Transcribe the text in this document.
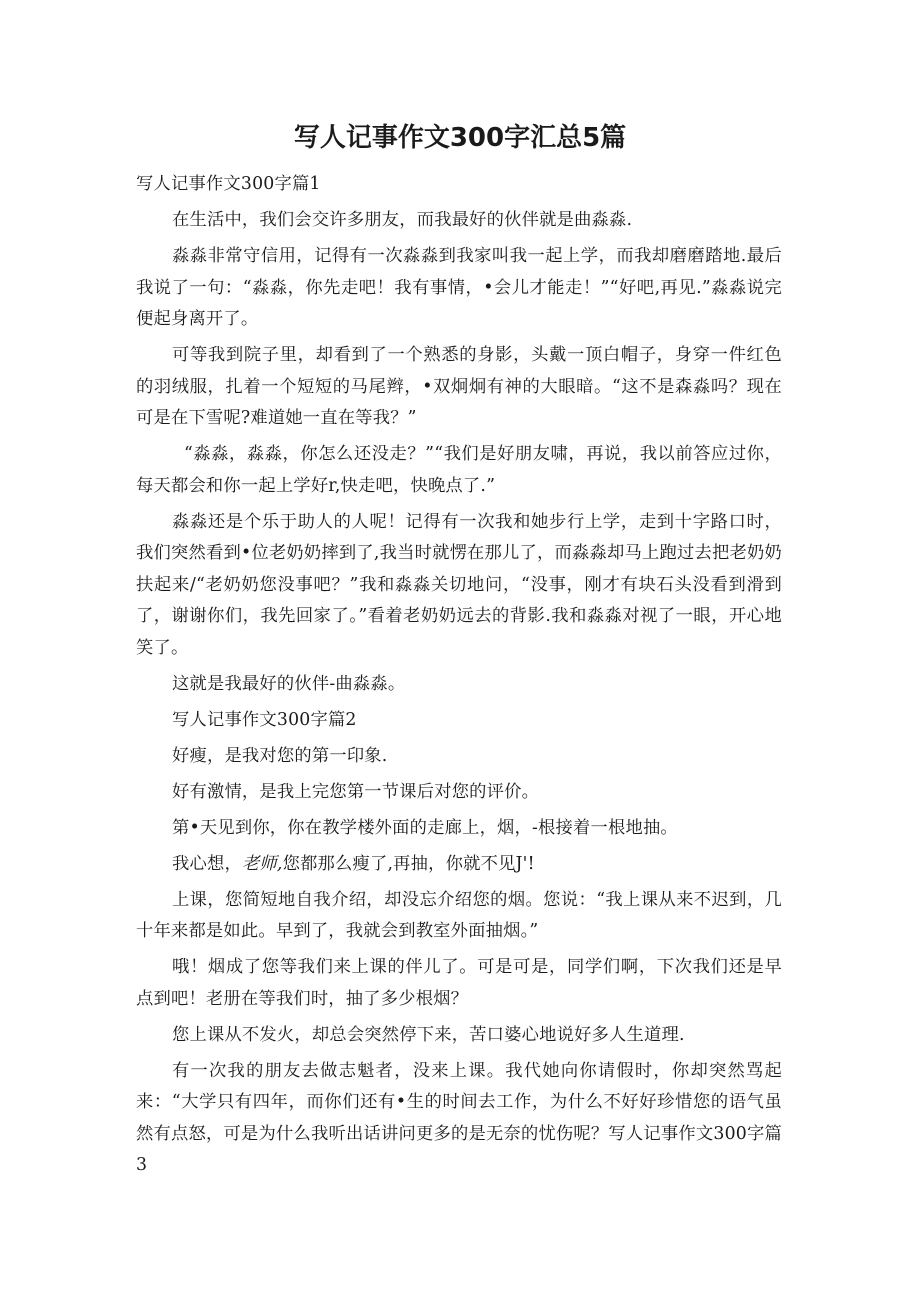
写人记事作文300字汇总5篇

写人记事作文300字篇1

在生活中，我们会交许多朋友，而我最好的伙伴就是曲淼淼.

淼淼非常守信用，记得有一次淼淼到我家叫我一起上学，而我却磨磨踏地.最后我说了一句：“淼淼，你先走吧！我有事情，•会儿才能走！”“好吧,再见.”淼淼说完便起身离开了。

可等我到院子里，却看到了一个熟悉的身影，头戴一顶白帽子，身穿一件红色的羽绒服，扎着一个短短的马尾辫，•双炯炯有神的大眼暗。“这不是森淼吗？现在可是在下雪呢?难道她一直在等我？”

“淼淼，淼淼，你怎么还没走？”“我们是好朋友啸，再说，我以前答应过你，每天都会和你一起上学好r,快走吧，快晚点了.”

淼淼还是个乐于助人的人呢！记得有一次我和她步行上学，走到十字路口时，我们突然看到•位老奶奶摔到了,我当时就愣在那儿了，而淼淼却马上跑过去把老奶奶扶起来/“老奶奶您没事吧？”我和淼淼关切地问，“没事，刚才有块石头没看到滑到了，谢谢你们，我先回家了。”看着老奶奶远去的背影.我和淼淼对视了一眼，开心地笑了。

这就是我最好的伙伴-曲淼淼。

写人记事作文300字篇2

好瘦，是我对您的第一印象.

好有激情，是我上完您第一节课后对您的评价。

第•天见到你，你在教学楼外面的走廊上，烟，-根接着一根地抽。

我心想，老师,您都那么瘦了,再抽，你就不见J'!

上课，您简短地自我介绍，却没忘介绍您的烟。您说：“我上课从来不迟到，几十年来都是如此。早到了，我就会到教室外面抽烟。”

哦！烟成了您等我们来上课的伴儿了。可是可是，同学们啊，下次我们还是早点到吧！老册在等我们时，抽了多少根烟？

您上课从不发火，却总会突然停下来，苦口婆心地说好多人生道理.

有一次我的朋友去做志魁者，没来上课。我代她向你请假时，你却突然骂起来：“大学只有四年，而你们还有•生的时间去工作，为什么不好好珍惜您的语气虽然有点怒，可是为什么我听出话讲问更多的是无奈的忧伤呢？写人记事作文300字篇3
